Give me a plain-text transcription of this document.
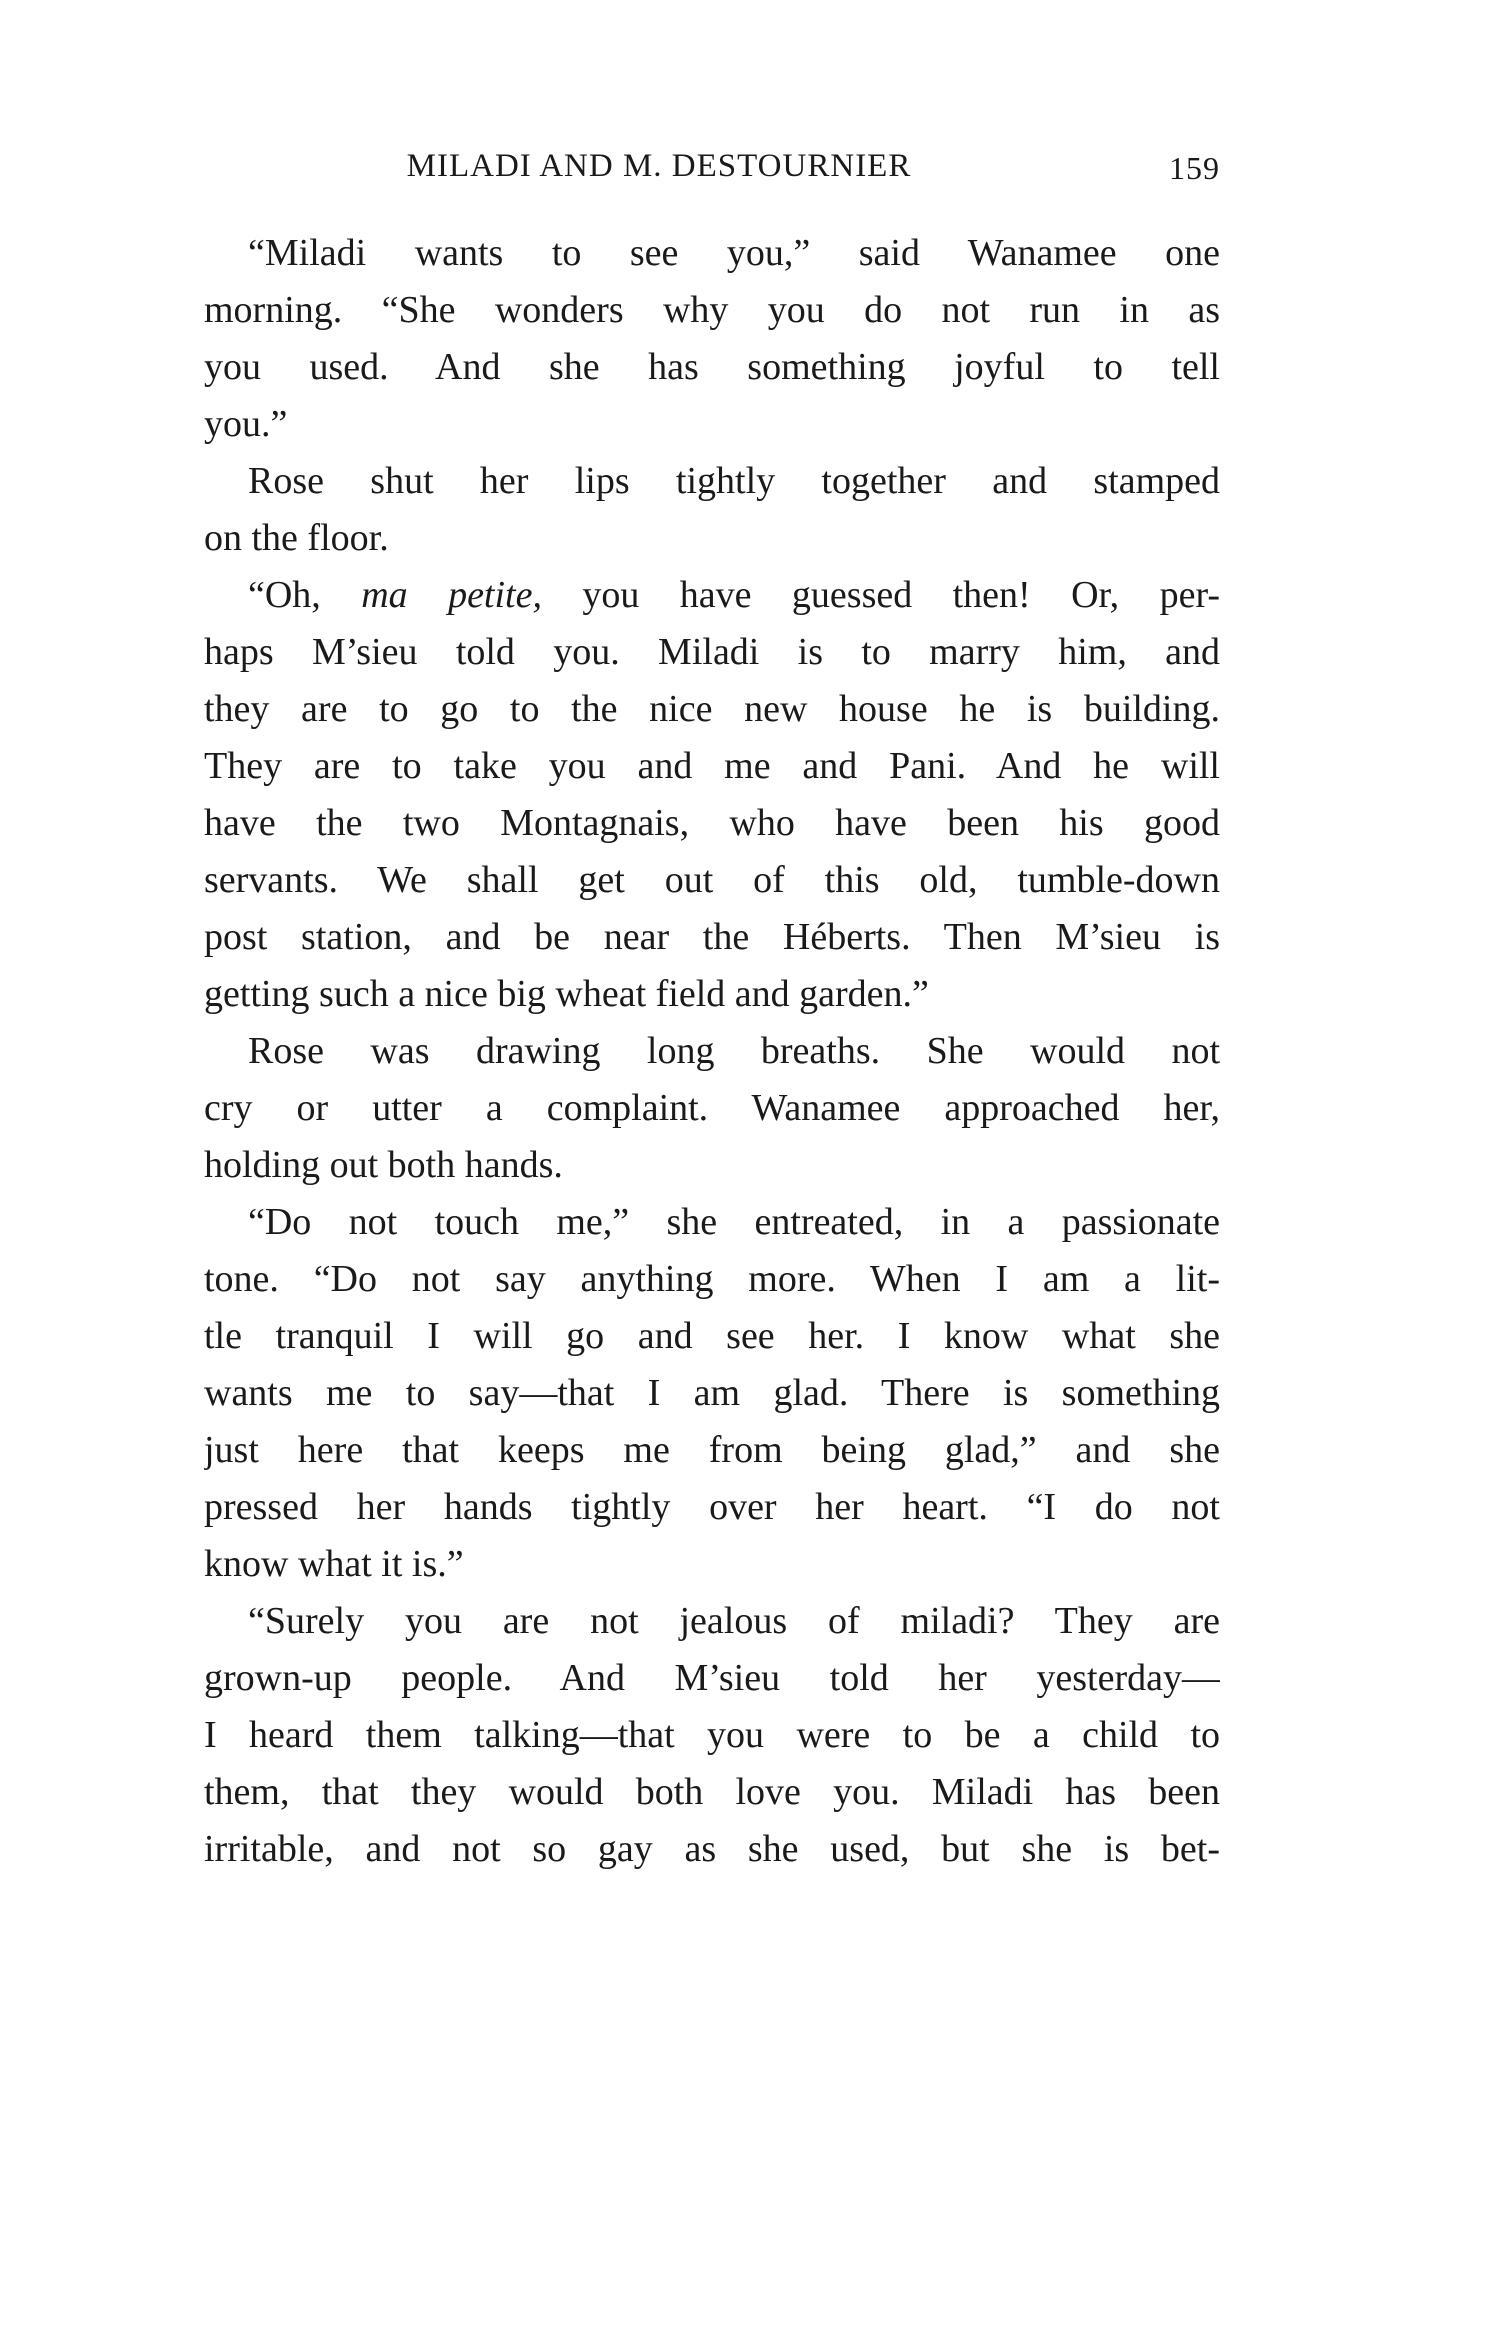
MILADI AND M. DESTOURNIER	159
“Miladi wants to see you,” said Wanamee one
morning. “She wonders why you do not run in as
you used. And she has something joyful to tell
you.”
Rose shut her lips tightly together and stamped
on the floor.
“Oh, ma petite, you have guessed then! Or, per-
haps M’sieu told you. Miladi is to marry him, and
they are to go to the nice new house he is building.
They are to take you and me and Pani. And he will
have the two Montagnais, who have been his good
servants. We shall get out of this old, tumble-down
post station, and be near the Héberts. Then M’sieu is
getting such a nice big wheat field and garden.”
Rose was drawing long breaths. She would not
cry or utter a complaint. Wanamee approached her,
holding out both hands.
“Do not touch me,” she entreated, in a passionate
tone. “Do not say anything more. When I am a lit-
tle tranquil I will go and see her. I know what she
wants me to say—that I am glad. There is something
just here that keeps me from being glad,” and she
pressed her hands tightly over her heart. “I do not
know what it is.”
“Surely you are not jealous of miladi? They are
grown-up people. And M’sieu told her yesterday—
I heard them talking—that you were to be a child to
them, that they would both love you. Miladi has been
irritable, and not so gay as she used, but she is bet-
